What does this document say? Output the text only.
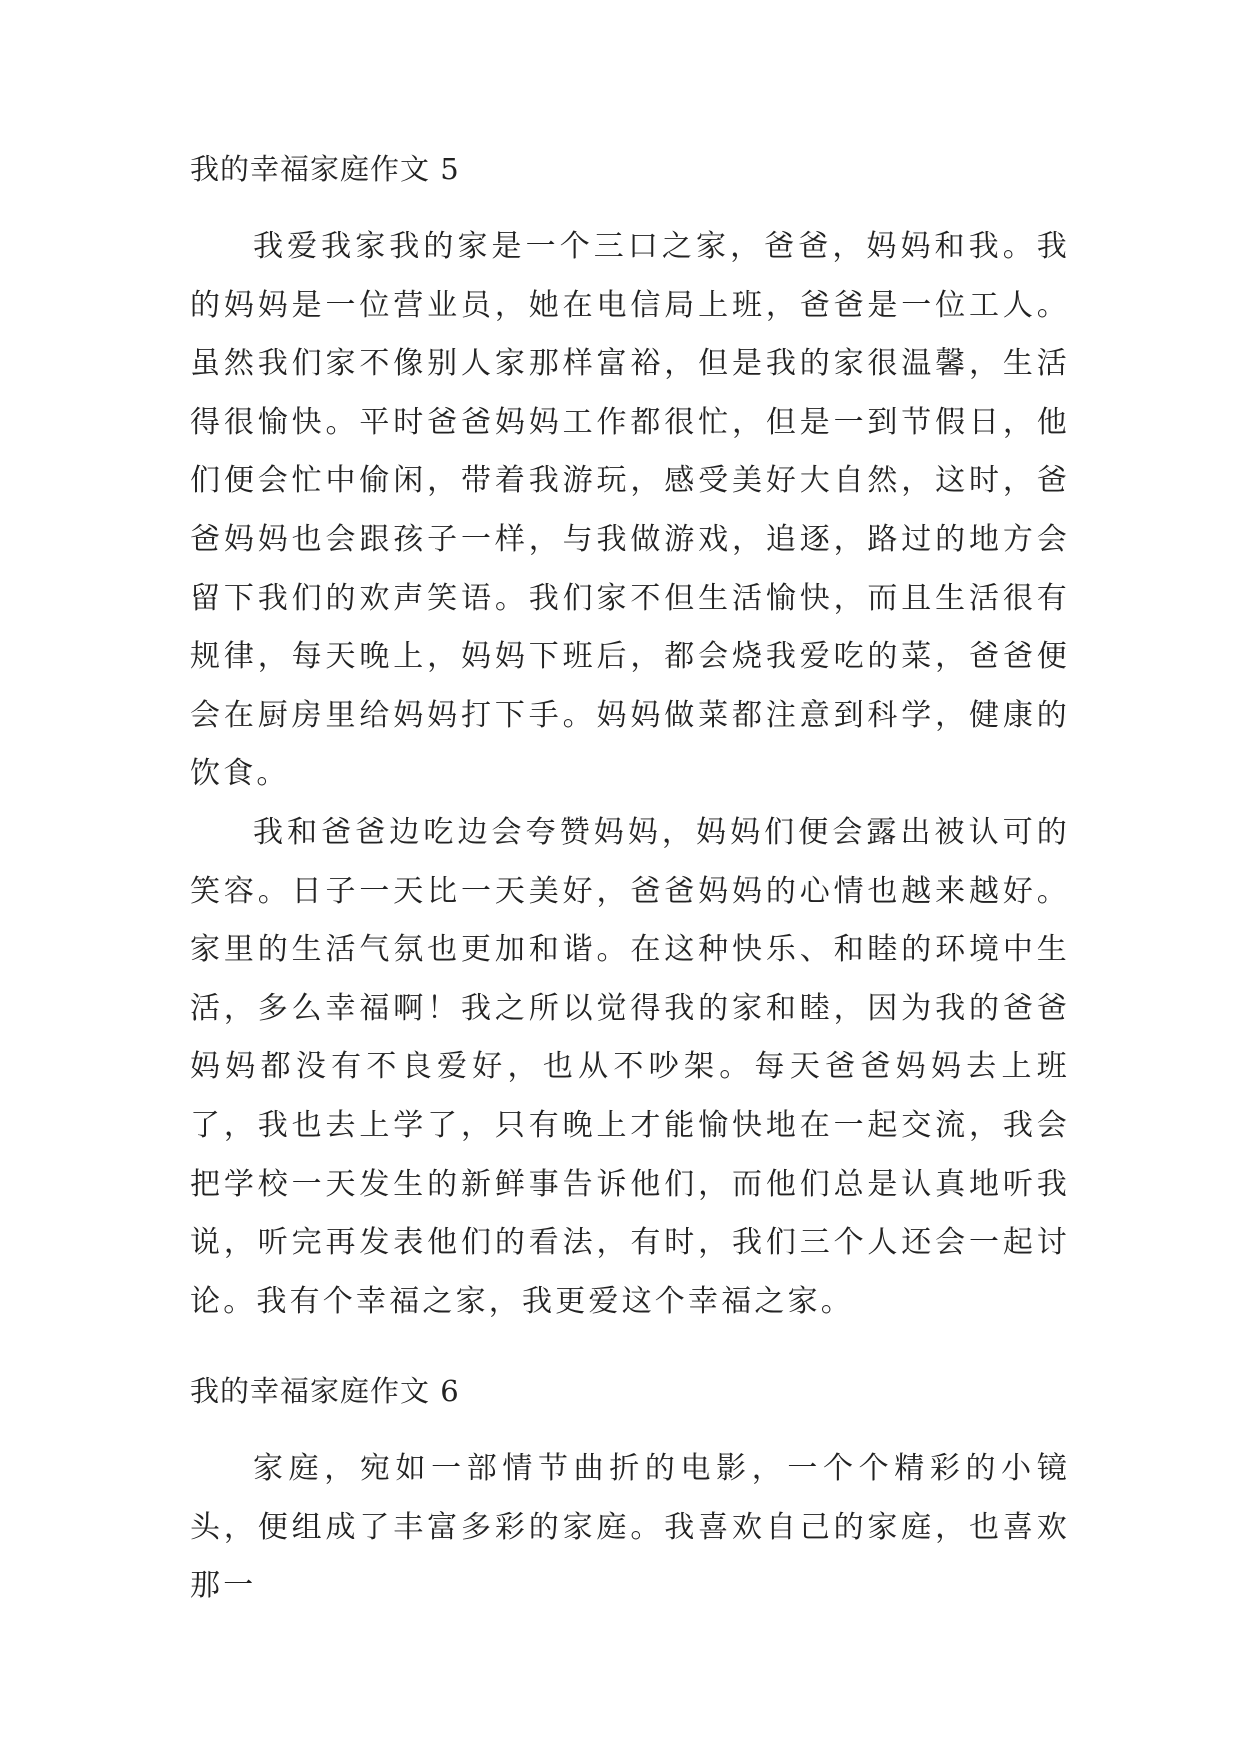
我的幸福家庭作文 5

我爱我家我的家是一个三口之家，爸爸，妈妈和我。我的妈妈是一位营业员，她在电信局上班，爸爸是一位工人。虽然我们家不像别人家那样富裕，但是我的家很温馨，生活得很愉快。平时爸爸妈妈工作都很忙，但是一到节假日，他们便会忙中偷闲，带着我游玩，感受美好大自然，这时，爸爸妈妈也会跟孩子一样，与我做游戏，追逐，路过的地方会留下我们的欢声笑语。我们家不但生活愉快，而且生活很有规律，每天晚上，妈妈下班后，都会烧我爱吃的菜，爸爸便会在厨房里给妈妈打下手。妈妈做菜都注意到科学，健康的饮食。

我和爸爸边吃边会夸赞妈妈，妈妈们便会露出被认可的笑容。日子一天比一天美好，爸爸妈妈的心情也越来越好。家里的生活气氛也更加和谐。在这种快乐、和睦的环境中生活，多么幸福啊！我之所以觉得我的家和睦，因为我的爸爸妈妈都没有不良爱好，也从不吵架。每天爸爸妈妈去上班了，我也去上学了，只有晚上才能愉快地在一起交流，我会把学校一天发生的新鲜事告诉他们，而他们总是认真地听我说，听完再发表他们的看法，有时，我们三个人还会一起讨论。我有个幸福之家，我更爱这个幸福之家。

我的幸福家庭作文 6

家庭，宛如一部情节曲折的电影，一个个精彩的小镜头，便组成了丰富多彩的家庭。我喜欢自己的家庭，也喜欢那一
